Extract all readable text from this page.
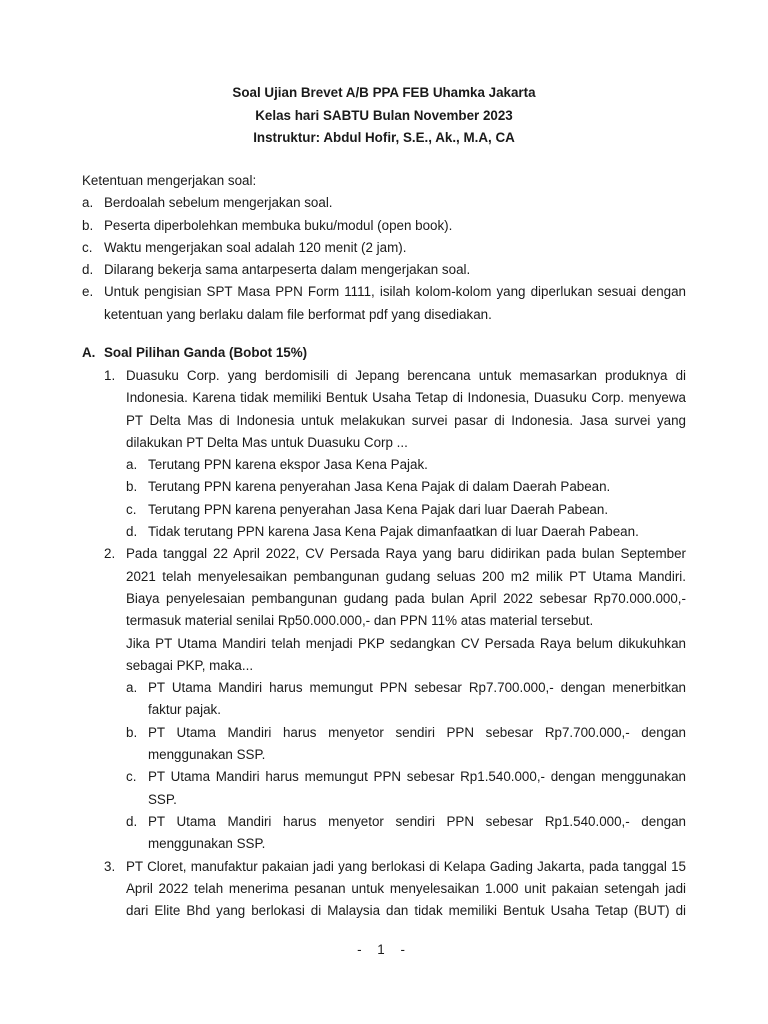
Soal Ujian Brevet A/B PPA FEB Uhamka Jakarta
Kelas hari SABTU Bulan November 2023
Instruktur: Abdul Hofir, S.E., Ak., M.A, CA
Ketentuan mengerjakan soal:
a. Berdoalah sebelum mengerjakan soal.
b. Peserta diperbolehkan membuka buku/modul (open book).
c. Waktu mengerjakan soal adalah 120 menit (2 jam).
d. Dilarang bekerja sama antarpeserta dalam mengerjakan soal.
e. Untuk pengisian SPT Masa PPN Form 1111, isilah kolom-kolom yang diperlukan sesuai dengan
ketentuan yang berlaku dalam file berformat pdf yang disediakan.
A. Soal Pilihan Ganda (Bobot 15%)
1. Duasuku Corp. yang berdomisili di Jepang berencana untuk memasarkan produknya di
Indonesia. Karena tidak memiliki Bentuk Usaha Tetap di Indonesia, Duasuku Corp. menyewa
PT Delta Mas di Indonesia untuk melakukan survei pasar di Indonesia. Jasa survei yang
dilakukan PT Delta Mas untuk Duasuku Corp ...
a. Terutang PPN karena ekspor Jasa Kena Pajak.
b. Terutang PPN karena penyerahan Jasa Kena Pajak di dalam Daerah Pabean.
c. Terutang PPN karena penyerahan Jasa Kena Pajak dari luar Daerah Pabean.
d. Tidak terutang PPN karena Jasa Kena Pajak dimanfaatkan di luar Daerah Pabean.
2. Pada tanggal 22 April 2022, CV Persada Raya yang baru didirikan pada bulan September
2021 telah menyelesaikan pembangunan gudang seluas 200 m2 milik PT Utama Mandiri.
Biaya penyelesaian pembangunan gudang pada bulan April 2022 sebesar Rp70.000.000,-
termasuk material senilai Rp50.000.000,- dan PPN 11% atas material tersebut.
Jika PT Utama Mandiri telah menjadi PKP sedangkan CV Persada Raya belum dikukuhkan
sebagai PKP, maka...
a. PT Utama Mandiri harus memungut PPN sebesar Rp7.700.000,- dengan menerbitkan
faktur pajak.
b. PT Utama Mandiri harus menyetor sendiri PPN sebesar Rp7.700.000,- dengan
menggunakan SSP.
c. PT Utama Mandiri harus memungut PPN sebesar Rp1.540.000,- dengan menggunakan
SSP.
d. PT Utama Mandiri harus menyetor sendiri PPN sebesar Rp1.540.000,- dengan
menggunakan SSP.
3. PT Cloret, manufaktur pakaian jadi yang berlokasi di Kelapa Gading Jakarta, pada tanggal 15
April 2022 telah menerima pesanan untuk menyelesaikan 1.000 unit pakaian setengah jadi
dari Elite Bhd yang berlokasi di Malaysia dan tidak memiliki Bentuk Usaha Tetap (BUT) di
- 1 -
